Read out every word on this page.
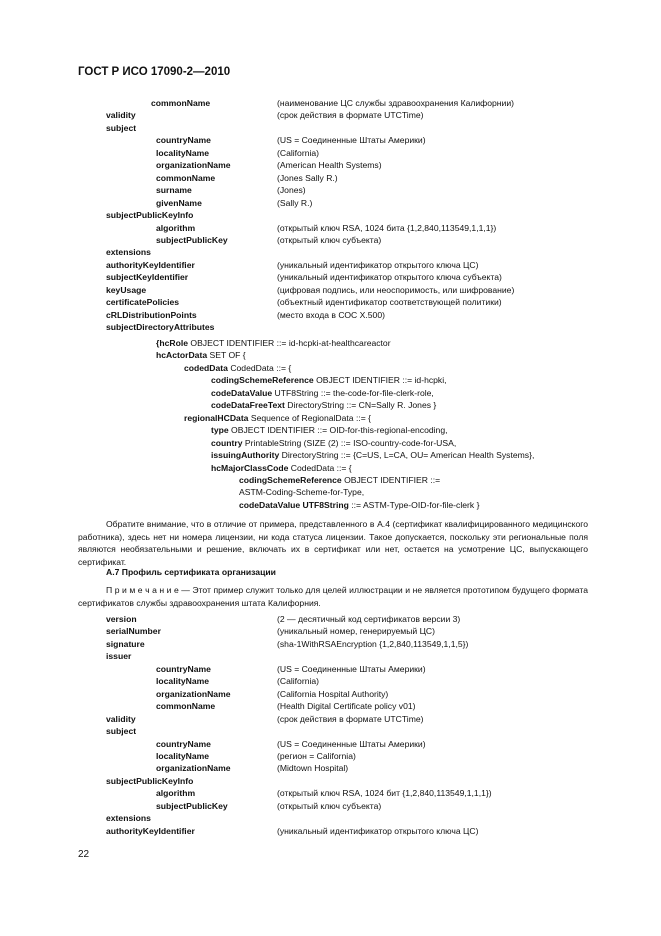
ГОСТ Р ИСО 17090-2—2010
commonName	(наименование ЦС службы здравоохранения Калифорнии)
validity	(срок действия в формате UTCTime)
subject
countryName	(US = Соединенные Штаты Америки)
localityName	(California)
organizationName	(American Health Systems)
commonName	(Jones Sally R.)
surname	(Jones)
givenName	(Sally R.)
subjectPublicKeyInfo
algorithm	(открытый ключ RSA, 1024 бита {1,2,840,113549,1,1,1})
subjectPublicKey	(открытый ключ субъекта)
extensions
authorityKeyIdentifier	(уникальный идентификатор открытого ключа ЦС)
subjectKeyIdentifier	(уникальный идентификатор открытого ключа субъекта)
keyUsage	(цифровая подпись, или неоспоримость, или шифрование)
certificatePolicies	(объектный идентификатор соответствующей политики)
cRLDistributionPoints	(место входа в СОС X.500)
subjectDirectoryAttributes
{hcRole OBJECT IDENTIFIER ::= id-hcpki-at-healthcareactor
hcActorData SET OF {
codedData CodedData ::= {
codingSchemeReference OBJECT IDENTIFIER ::= id-hcpki,
codeDataValue UTF8String ::= the-code-for-file-clerk-role,
codeDataFreeText DirectoryString ::= CN=Sally R. Jones }
regionalHCData Sequence of RegionalData ::= {
type OBJECT IDENTIFIER ::= OID-for-this-regional-encoding,
country PrintableString (SIZE (2) ::= ISO-country-code-for-USA,
issuingAuthority DirectoryString ::= {C=US, L=CA, OU= American Health Systems},
hcMajorClassCode CodedData ::= {
codingSchemeReference OBJECT IDENTIFIER ::=
ASTM-Coding-Scheme-for-Type,
codeDataValue UTF8String ::= ASTM-Type-OID-for-file-clerk }
Обратите внимание, что в отличие от примера, представленного в А.4 (сертификат квалифицированного медицинского работника), здесь нет ни номера лицензии, ни кода статуса лицензии. Такое допускается, поскольку эти региональные поля являются необязательными и решение, включать их в сертификат или нет, остается на усмотрение ЦС, выпускающего сертификат.
А.7 Профиль сертификата организации
П р и м е ч а н и е — Этот пример служит только для целей иллюстрации и не является прототипом будущего формата сертификатов службы здравоохранения штата Калифорния.
version	(2 — десятичный код сертификатов версии 3)
serialNumber	(уникальный номер, генерируемый ЦС)
signature	(sha-1WithRSAEncryption {1,2,840,113549,1,1,5})
issuer
countryName	(US = Соединенные Штаты Америки)
localityName	(California)
organizationName	(California Hospital Authority)
commonName	(Health Digital Certificate policy v01)
validity	(срок действия в формате UTCTime)
subject
countryName	(US = Соединенные Штаты Америки)
localityName	(регион = California)
organizationName	(Midtown Hospital)
subjectPublicKeyInfo
algorithm	(открытый ключ RSA, 1024 бит {1,2,840,113549,1,1,1})
subjectPublicKey	(открытый ключ субъекта)
extensions
authorityKeyIdentifier	(уникальный идентификатор открытого ключа ЦС)
22
